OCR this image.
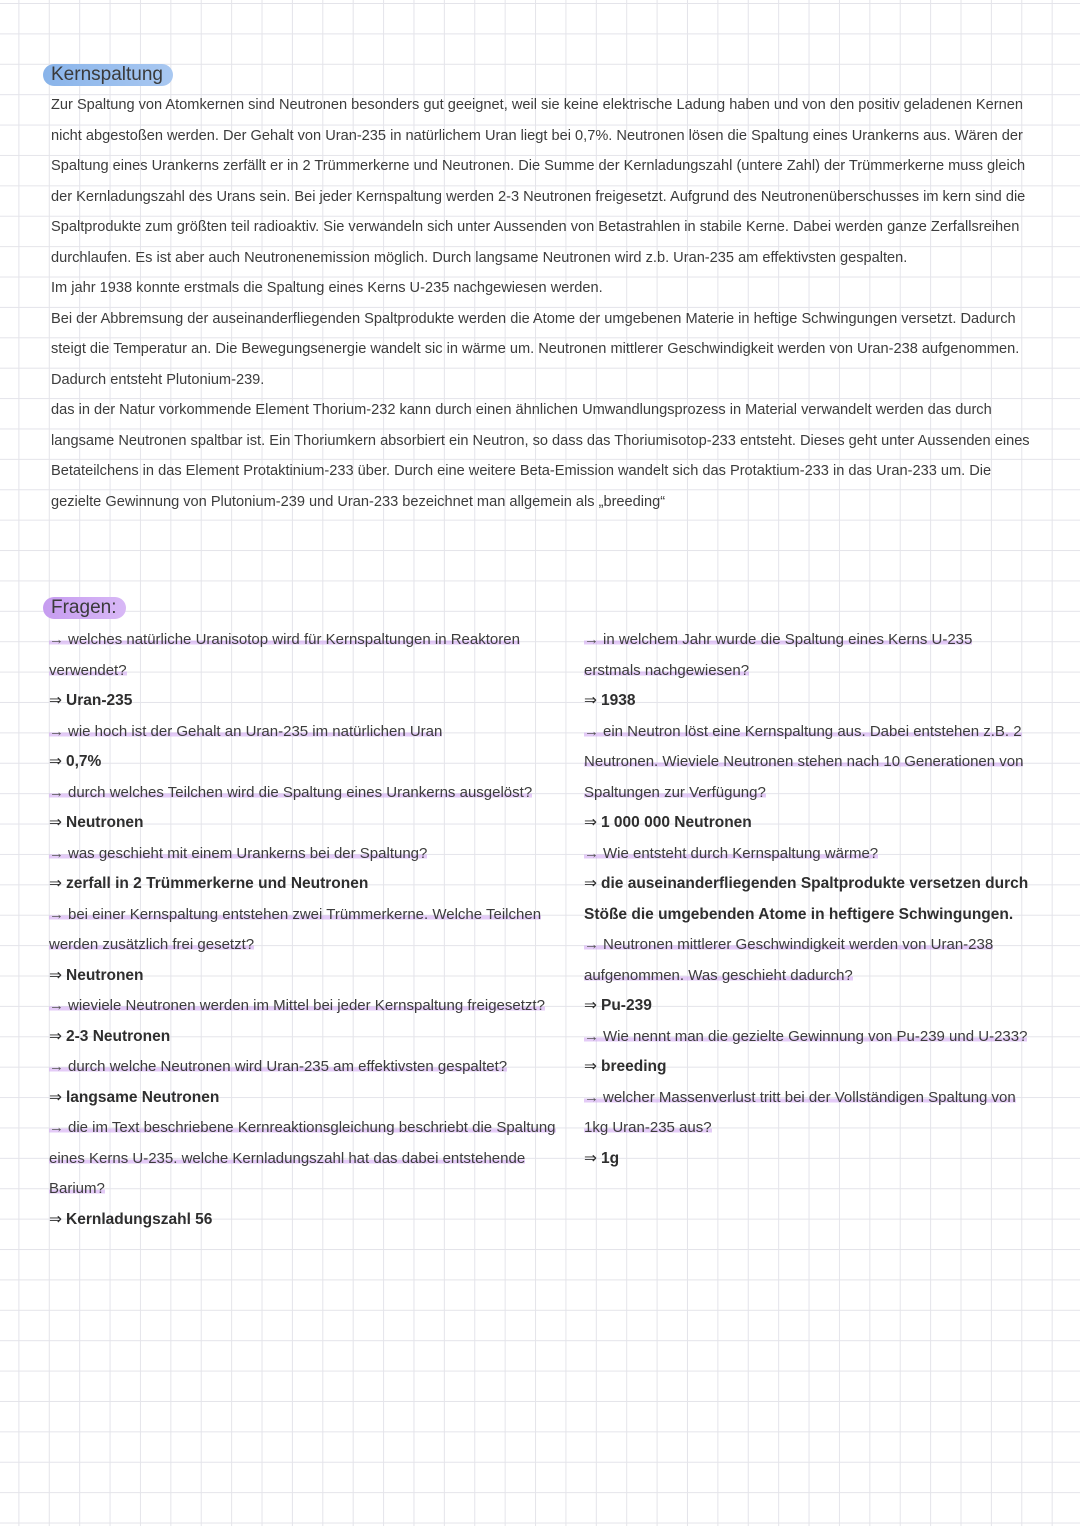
Kernspaltung

Zur Spaltung von Atomkernen sind Neutronen besonders gut geeignet, weil sie keine elektrische Ladung haben und von den positiv geladenen Kernen nicht abgestoßen werden. Der Gehalt von Uran-235 in natürlichem Uran liegt bei 0,7%. Neutronen lösen die Spaltung eines Urankerns aus. Wären der Spaltung eines Urankerns zerfällt er in 2 Trümmerkerne und Neutronen. Die Summe der Kernladungszahl (untere Zahl) der Trümmerkerne muss gleich der Kernladungszahl des Urans sein. Bei jeder Kernspaltung werden 2-3 Neutronen freigesetzt. Aufgrund des Neutronenüberschusses im kern sind die Spaltprodukte zum größten teil radioaktiv. Sie verwandeln sich unter Aussenden von Betastrahlen in stabile Kerne. Dabei werden ganze Zerfallsreihen durchlaufen. Es ist aber auch Neutronenemission möglich. Durch langsame Neutronen wird z.b. Uran-235 am effektivsten gespalten.

Im jahr 1938 konnte erstmals die Spaltung eines Kerns U-235 nachgewiesen werden.

Bei der Abbremsung der auseinanderfliegenden Spaltprodukte werden die Atome der umgebenen Materie in heftige Schwingungen versetzt. Dadurch steigt die Temperatur an. Die Bewegungsenergie wandelt sic in wärme um. Neutronen mittlerer Geschwindigkeit werden von Uran-238 aufgenommen. Dadurch entsteht Plutonium-239.

das in der Natur vorkommende Element Thorium-232 kann durch einen ähnlichen Umwandlungsprozess in Material verwandelt werden das durch langsame Neutronen spaltbar ist. Ein Thoriumkern absorbiert ein Neutron, so dass das Thoriumisotop-233 entsteht. Dieses geht unter Aussenden eines Betateilchens in das Element Protaktinium-233 über. Durch eine weitere Beta-Emission wandelt sich das Protaktium-233 in das Uran-233 um. Die gezielte Gewinnung von Plutonium-239 und Uran-233 bezeichnet man allgemein als „breeding“

Fragen:

→ welches natürliche Uranisotop wird für Kernspaltungen in Reaktoren verwendet?

⇒ Uran-235

→ wie hoch ist der Gehalt an Uran-235 im natürlichen Uran

⇒ 0,7%

→ durch welches Teilchen wird die Spaltung eines Urankerns ausgelöst?

⇒ Neutronen

→ was geschieht mit einem Urankerns bei der Spaltung?

⇒ zerfall in 2 Trümmerkerne und Neutronen

→ bei einer Kernspaltung entstehen zwei Trümmerkerne. Welche Teilchen werden zusätzlich frei gesetzt?

⇒ Neutronen

→ wieviele Neutronen werden im Mittel bei jeder Kernspaltung freigesetzt?

⇒ 2-3 Neutronen

→ durch welche Neutronen wird Uran-235 am effektivsten gespaltet?

⇒ langsame Neutronen

→ die im Text beschriebene Kernreaktionsgleichung beschriebt die Spaltung eines Kerns U-235. welche Kernladungszahl hat das dabei entstehende Barium?

⇒ Kernladungszahl 56

→ in welchem Jahr wurde die Spaltung eines Kerns U-235 erstmals nachgewiesen?

⇒ 1938

→ ein Neutron löst eine Kernspaltung aus. Dabei entstehen z.B. 2 Neutronen. Wieviele Neutronen stehen nach 10 Generationen von Spaltungen zur Verfügung?

⇒ 1 000 000 Neutronen

→ Wie entsteht durch Kernspaltung wärme?

⇒ die auseinanderfliegenden Spaltprodukte versetzen durch Stöße die umgebenden Atome in heftigere Schwingungen.

→ Neutronen mittlerer Geschwindigkeit werden von Uran-238 aufgenommen. Was geschieht dadurch?

⇒ Pu-239

→ Wie nennt man die gezielte Gewinnung von Pu-239 und U-233?

⇒ breeding

→ welcher Massenverlust tritt bei der Vollständigen Spaltung von 1kg Uran-235 aus?

⇒ 1g
